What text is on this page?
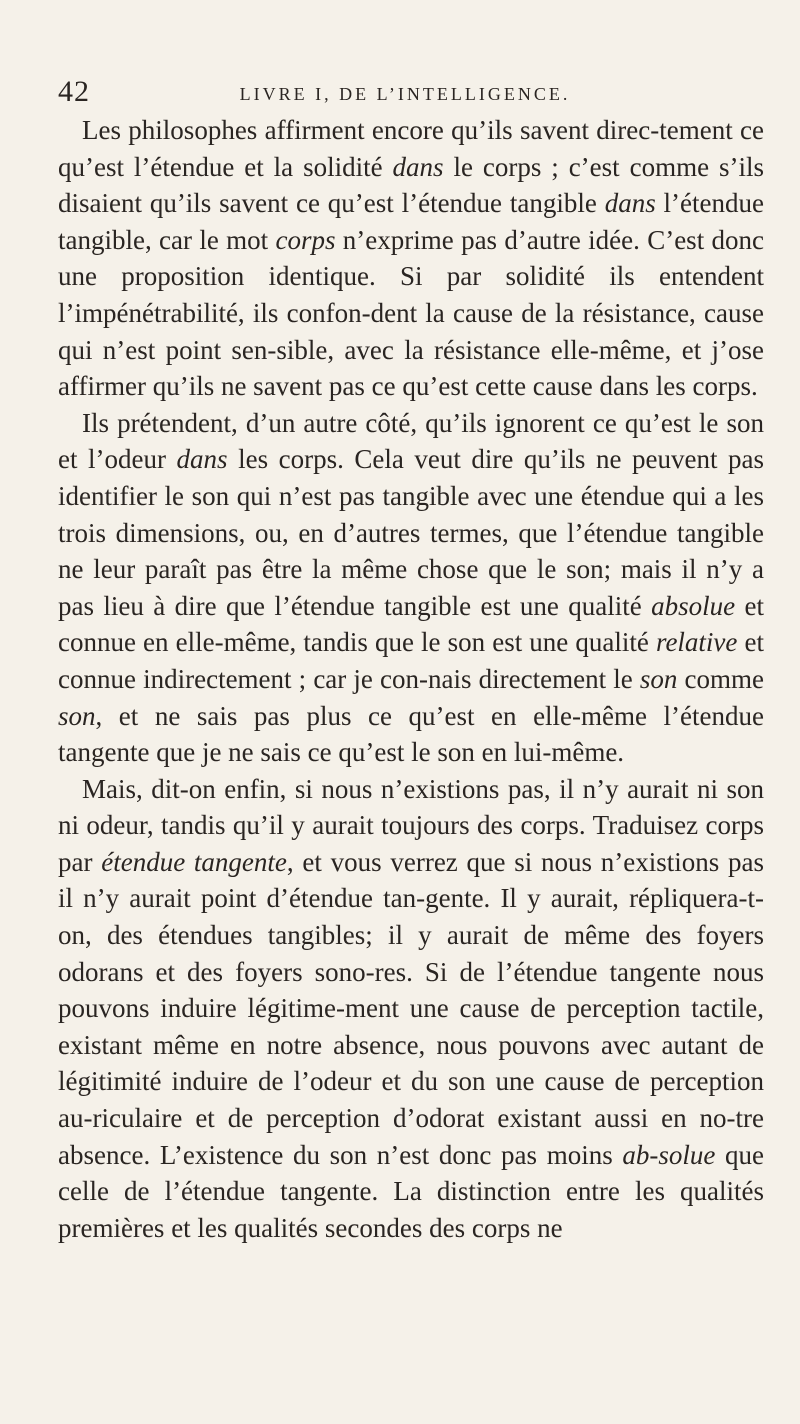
42	LIVRE I, DE L’INTELLIGENCE.

Les philosophes affirment encore qu’ils savent direc-tement ce qu’est l’étendue et la solidité dans le corps ; c’est comme s’ils disaient qu’ils savent ce qu’est l’étendue tangible dans l’étendue tangible, car le mot corps n’exprime pas d’autre idée. C’est donc une proposition identique. Si par solidité ils entendent l’impénétrabilité, ils confon-dent la cause de la résistance, cause qui n’est point sen-sible, avec la résistance elle-même, et j’ose affirmer qu’ils ne savent pas ce qu’est cette cause dans les corps.

Ils prétendent, d’un autre côté, qu’ils ignorent ce qu’est le son et l’odeur dans les corps. Cela veut dire qu’ils ne peuvent pas identifier le son qui n’est pas tangible avec une étendue qui a les trois dimensions, ou, en d’autres termes, que l’étendue tangible ne leur paraît pas être la même chose que le son; mais il n’y a pas lieu à dire que l’étendue tangible est une qualité absolue et connue en elle-même, tandis que le son est une qualité relative et connue indirectement ; car je con-nais directement le son comme son, et ne sais pas plus ce qu’est en elle-même l’étendue tangente que je ne sais ce qu’est le son en lui-même.

Mais, dit-on enfin, si nous n’existions pas, il n’y aurait ni son ni odeur, tandis qu’il y aurait toujours des corps. Traduisez corps par étendue tangente, et vous verrez que si nous n’existions pas il n’y aurait point d’étendue tan-gente. Il y aurait, répliquera-t-on, des étendues tangibles; il y aurait de même des foyers odorans et des foyers sono-res. Si de l’étendue tangente nous pouvons induire légitime-ment une cause de perception tactile, existant même en notre absence, nous pouvons avec autant de légitimité induire de l’odeur et du son une cause de perception au-riculaire et de perception d’odorat existant aussi en no-tre absence. L’existence du son n’est donc pas moins ab-solue que celle de l’étendue tangente. La distinction entre les qualités premières et les qualités secondes des corps ne
